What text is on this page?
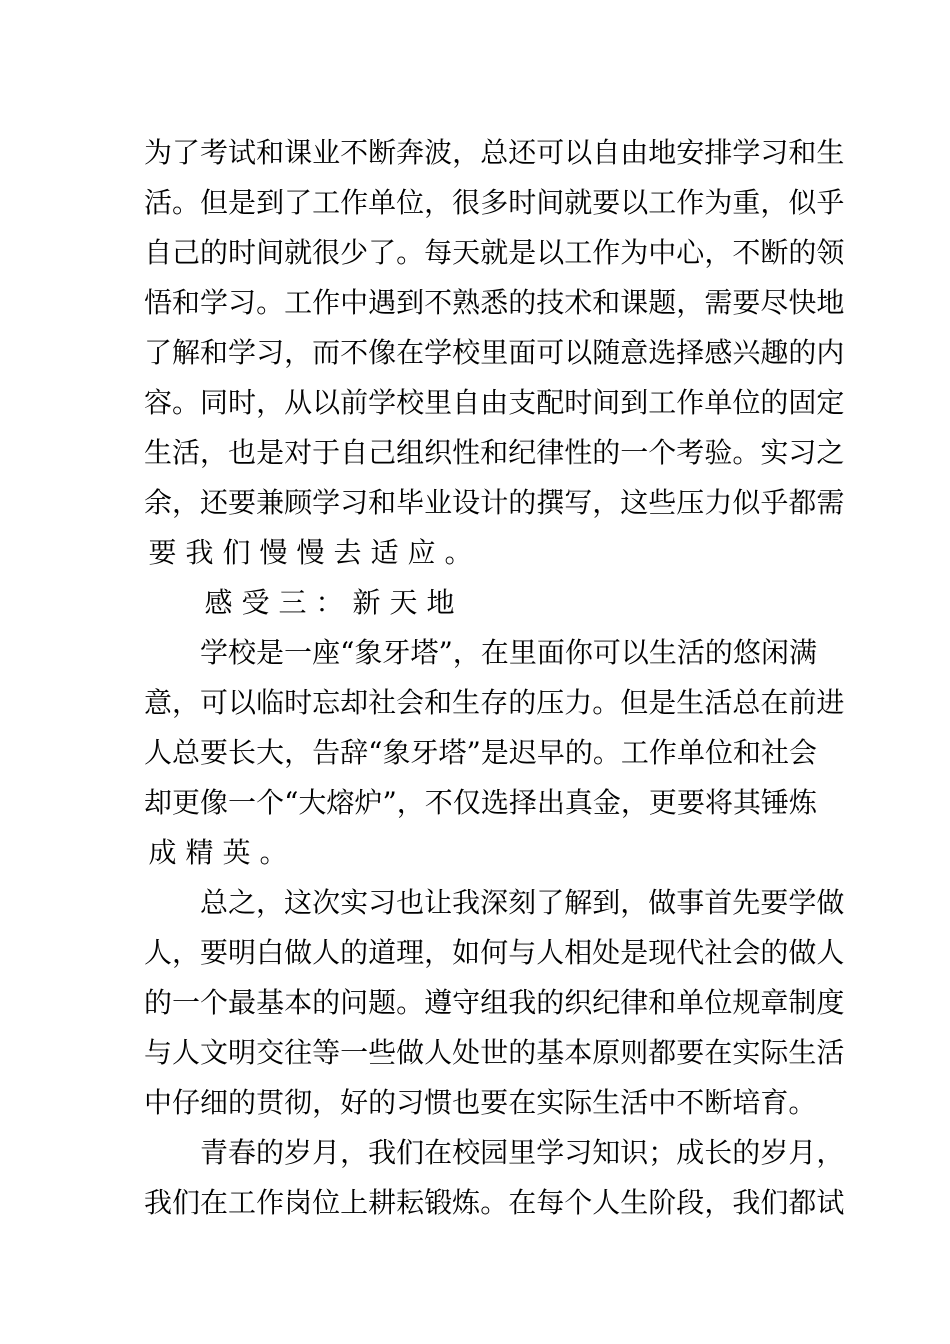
为 了 考 试 和 课 业 不 断 奔 波 ， 总 还 可 以 自 由 地 安 排 学 习 和 生
活 。 但 是 到 了 工 作 单 位 ， 很 多 时 间 就 要 以 工 作 为 重 ， 似 乎
自 己 的 时 间 就 很 少 了 。 每 天 就 是 以 工 作 为 中 心 ， 不 断 的 领
悟 和 学 习 。 工 作 中 遇 到 不 熟 悉 的 技 术 和 课 题 ， 需 要 尽 快 地
了 解 和 学 习 ， 而 不 像 在 学 校 里 面 可 以 随 意 选 择 感 兴 趣 的 内
容 。 同 时 ， 从 以 前 学 校 里 自 由 支 配 时 间 到 工 作 单 位 的 固 定
生 活 ， 也 是 对 于 自 己 组 织 性 和 纪 律 性 的 一 个 考 验 。 实 习 之
余 ， 还 要 兼 顾 学 习 和 毕 业 设 计 的 撰 写 ， 这 些 压 力 似 乎 都 需
要 我 们 慢 慢 去 适 应 。
感 受 三 ： 新 天 地
学 校 是 一 座 “ 象 牙 塔 ” ， 在 里 面 你 可 以 生 活 的 悠 闲 满
意 ， 可 以 临 时 忘 却 社 会 和 生 存 的 压 力 。 但 是 生 活 总 在 前 进
人 总 要 长 大 ， 告 辞 “ 象 牙 塔 ” 是 迟 早 的 。 工 作 单 位 和 社 会
却 更 像 一 个 “ 大 熔 炉 ” ， 不 仅 选 择 出 真 金 ， 更 要 将 其 锤 炼
成 精 英 。
总 之 ， 这 次 实 习 也 让 我 深 刻 了 解 到 ， 做 事 首 先 要 学 做
人 ， 要 明 白 做 人 的 道 理 ， 如 何 与 人 相 处 是 现 代 社 会 的 做 人
的 一 个 最 基 本 的 问 题 。 遵 守 组 我 的 织 纪 律 和 单 位 规 章 制 度
与 人 文 明 交 往 等 一 些 做 人 处 世 的 基 本 原 则 都 要 在 实 际 生 活
中 仔 细 的 贯 彻 ， 好 的 习 惯 也 要 在 实 际 生 活 中 不 断 培 育 。
青 春 的 岁 月 ， 我 们 在 校 园 里 学 习 知 识 ； 成 长 的 岁 月 ，
我 们 在 工 作 岗 位 上 耕 耘 锻 炼 。 在 每 个 人 生 阶 段 ， 我 们 都 试
